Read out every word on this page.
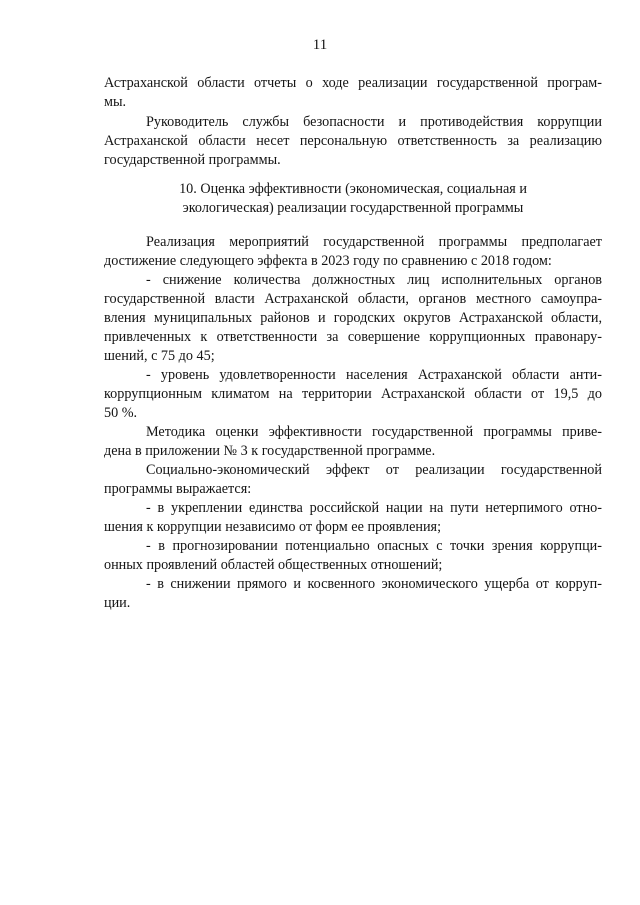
11
Астраханской области отчеты о ходе реализации государственной програм-
мы.
Руководитель службы безопасности и противодействия коррупции
Астраханской области несет персональную ответственность за реализацию
государственной программы.
10. Оценка эффективности (экономическая, социальная и
экологическая) реализации государственной программы
Реализация мероприятий государственной программы предполагает
достижение следующего эффекта в 2023 году по сравнению с 2018 годом:
- снижение количества должностных лиц исполнительных органов
государственной власти Астраханской области, органов местного самоупра-
вления муниципальных районов и городских округов Астраханской области,
привлеченных к ответственности за совершение коррупционных правонару-
шений, с 75 до 45;
- уровень удовлетворенности населения Астраханской области анти-
коррупционным климатом на территории Астраханской области от 19,5 до
50 %.
Методика оценки эффективности государственной программы приве-
дена в приложении № 3 к государственной программе.
Социально-экономический эффект от реализации государственной
программы выражается:
- в укреплении единства российской нации на пути нетерпимого отно-
шения к коррупции независимо от форм ее проявления;
- в прогнозировании потенциально опасных с точки зрения коррупци-
онных проявлений областей общественных отношений;
- в снижении прямого и косвенного экономического ущерба от корруп-
ции.
